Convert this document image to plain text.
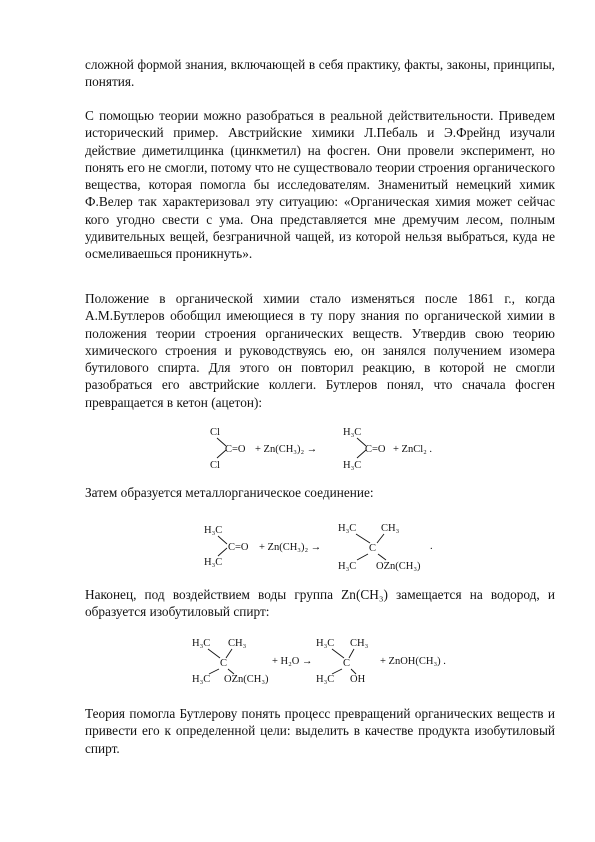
сложной формой знания, включающей в себя практику, факты, законы, принципы, понятия.

С помощью теории можно разобраться в реальной действительности. Приведем исторический пример. Австрийские химики Л.Пебаль и Э.Фрейнд изучали действие диметилцинка (цинкметил) на фосген. Они провели эксперимент, но понять его не смогли, потому что не существовало теории строения органического вещества, которая помогла бы исследователям. Знаменитый немецкий химик Ф.Велер так характеризовал эту ситуацию: «Органическая химия может сейчас кого угодно свести с ума. Она представляется мне дремучим лесом, полным удивительных вещей, безграничной чащей, из которой нельзя выбраться, куда не осмеливаешься проникнуть».

Положение в органической химии стало изменяться после 1861 г., когда А.М.Бутлеров обобщил имеющиеся в ту пору знания по органической химии в положения теории строения органических веществ. Утвердив свою теорию химического строения и руководствуясь ею, он занялся получением изомера бутилового спирта. Для этого он повторил реакцию, в которой не смогли разобраться его австрийские коллеги. Бутлеров понял, что сначала фосген превращается в кетон (ацетон):

Cl
Cl
C=O + Zn(CH₃)₂ →
H₃C
H₃C
C=O + ZnCl₂ .

Затем образуется металлорганическое соединение:

H₃C
H₃C
C=O + Zn(CH₃)₂ →
H₃C CH₃
C
H₃C OZn(CH₃)
.

Наконец, под воздействием воды группа Zn(CH₃) замещается на водород, и образуется изобутиловый спирт:

H₃C CH₃
C
H₃C OZn(CH₃)
+ H₂O →
H₃C CH₃
C
H₃C OH
+ ZnOH(CH₃) .

Теория помогла Бутлерову понять процесс превращений органических веществ и привести его к определенной цели: выделить в качестве продукта изобутиловый спирт.
